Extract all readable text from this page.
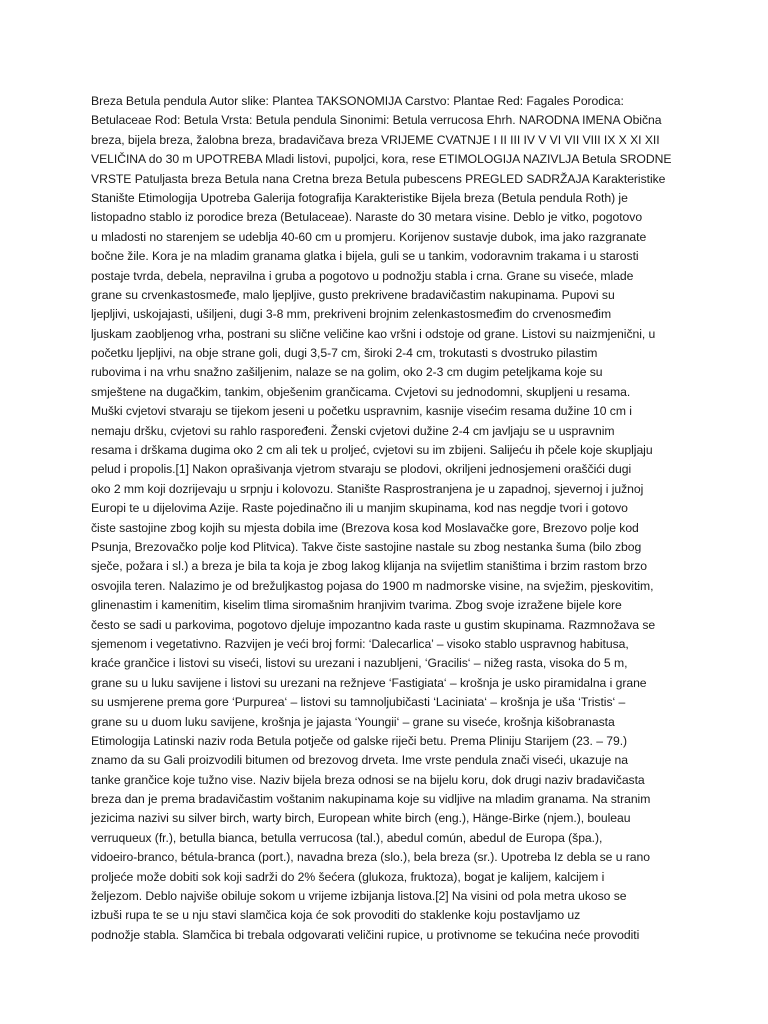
Breza Betula pendula Autor slike: Plantea TAKSONOMIJA Carstvo: Plantae Red: Fagales Porodica:
Betulaceae Rod: Betula Vrsta: Betula pendula Sinonimi: Betula verrucosa Ehrh. NARODNA IMENA Obična
breza, bijela breza, žalobna breza, bradavičava breza VRIJEME CVATNJE I II III IV V VI VII VIII IX X XI XII
VELIČINA do 30 m UPOTREBA Mladi listovi, pupoljci, kora, rese ETIMOLOGIJA NAZIVLJA Betula SRODNE
VRSTE Patuljasta breza Betula nana Cretna breza Betula pubescens PREGLED SADRŽAJA Karakteristike
Stanište Etimologija Upotreba Galerija fotografija Karakteristike Bijela breza (Betula pendula Roth) je
listopadno stablo iz porodice breza (Betulaceae). Naraste do 30 metara visine. Deblo je vitko, pogotovo
u mladosti no starenjem se udeblja 40-60 cm u promjeru. Korijenov sustavje dubok, ima jako razgranate
bočne žile. Kora je na mladim granama glatka i bijela, guli se u tankim, vodoravnim trakama i u starosti
postaje tvrda, debela, nepravilna i gruba a pogotovo u podnožju stabla i crna. Grane su viseće, mlade
grane su crvenkastosmeđe, malo ljepljive, gusto prekrivene bradavičastim nakupinama. Pupovi su
ljepljivi, uskojajasti, ušiljeni, dugi 3-8 mm, prekriveni brojnim zelenkastosmeđim do crvenosmeđim
ljuskam zaobljenog vrha, postrani su slične veličine kao vršni i odstoje od grane. Listovi su naizmjenični, u
početku ljepljivi, na obje strane goli, dugi 3,5-7 cm, široki 2-4 cm, trokutasti s dvostruko pilastim
rubovima i na vrhu snažno zašiljenim, nalaze se na golim, oko 2-3 cm dugim peteljkama koje su
smještene na dugačkim, tankim, obješenim grančicama. Cvjetovi su jednodomni, skupljeni u resama.
Muški cvjetovi stvaraju se tijekom jeseni u početku uspravnim, kasnije visećim resama dužine 10 cm i
nemaju dršku, cvjetovi su rahlo raspoređeni. Ženski cvjetovi dužine 2-4 cm javljaju se u uspravnim
resama i drškama dugima oko 2 cm ali tek u proljeć, cvjetovi su im zbijeni. Salijeću ih pčele koje skupljaju
pelud i propolis.[1] Nakon oprašivanja vjetrom stvaraju se plodovi, okriljeni jednosjemeni oraščići dugi
oko 2 mm koji dozrijevaju u srpnju i kolovozu. Stanište Rasprostranjena je u zapadnoj, sjevernoj i južnoj
Europi te u dijelovima Azije. Raste pojedinačno ili u manjim skupinama, kod nas negdje tvori i gotovo
čiste sastojine zbog kojih su mjesta dobila ime (Brezova kosa kod Moslavačke gore, Brezovo polje kod
Psunja, Brezovačko polje kod Plitvica). Takve čiste sastojine nastale su zbog nestanka šuma (bilo zbog
sječe, požara i sl.) a breza je bila ta koja je zbog lakog klijanja na svijetlim staništima i brzim rastom brzo
osvojila teren. Nalazimo je od brežuljkastog pojasa do 1900 m nadmorske visine, na svježim, pjeskovitim,
glinenastim i kamenitim, kiselim tlima siromašnim hranjivim tvarima. Zbog svoje izražene bijele kore
često se sadi u parkovima, pogotovo djeluje impozantno kada raste u gustim skupinama. Razmnožava se
sjemenom i vegetativno. Razvijen je veći broj formi: ‘Dalecarlica’ – visoko stablo uspravnog habitusa,
kraće grančice i listovi su viseći, listovi su urezani i nazubljeni, ‘Gracilis‘ – nižeg rasta, visoka do 5 m,
grane su u luku savijene i listovi su urezani na režnjeve ‘Fastigiata‘ – krošnja je usko piramidalna i grane
su usmjerene prema gore ‘Purpurea‘ – listovi su tamnoljubičasti ‘Laciniata‘ – krošnja je uša ‘Tristis‘ –
grane su u duom luku savijene, krošnja je jajasta ‘Youngii‘ – grane su viseće, krošnja kišobranasta
Etimologija Latinski naziv roda Betula potječe od galske riječi betu. Prema Pliniju Starijem (23. – 79.)
znamo da su Gali proizvodili bitumen od brezovog drveta. Ime vrste pendula znači viseći, ukazuje na
tanke grančice koje tužno vise. Naziv bijela breza odnosi se na bijelu koru, dok drugi naziv bradavičasta
breza dan je prema bradavičastim voštanim nakupinama koje su vidljive na mladim granama. Na stranim
jezicima nazivi su silver birch, warty birch, European white birch (eng.), Hänge-Birke (njem.), bouleau
verruqueux (fr.), betulla bianca, betulla verrucosa (tal.), abedul común, abedul de Europa (špa.),
vidoeiro-branco, bétula-branca (port.), navadna breza (slo.), bela breza (sr.). Upotreba Iz debla se u rano
proljeće može dobiti sok koji sadrži do 2% šećera (glukoza, fruktoza), bogat je kalijem, kalcijem i
željezom. Deblo najviše obiluje sokom u vrijeme izbijanja listova.[2] Na visini od pola metra ukoso se
izbuši rupa te se u nju stavi slamčica koja će sok provoditi do staklenke koju postavljamo uz
podnožje stabla. Slamčica bi trebala odgovarati veličini rupice, u protivnome se tekućina neće provoditi
